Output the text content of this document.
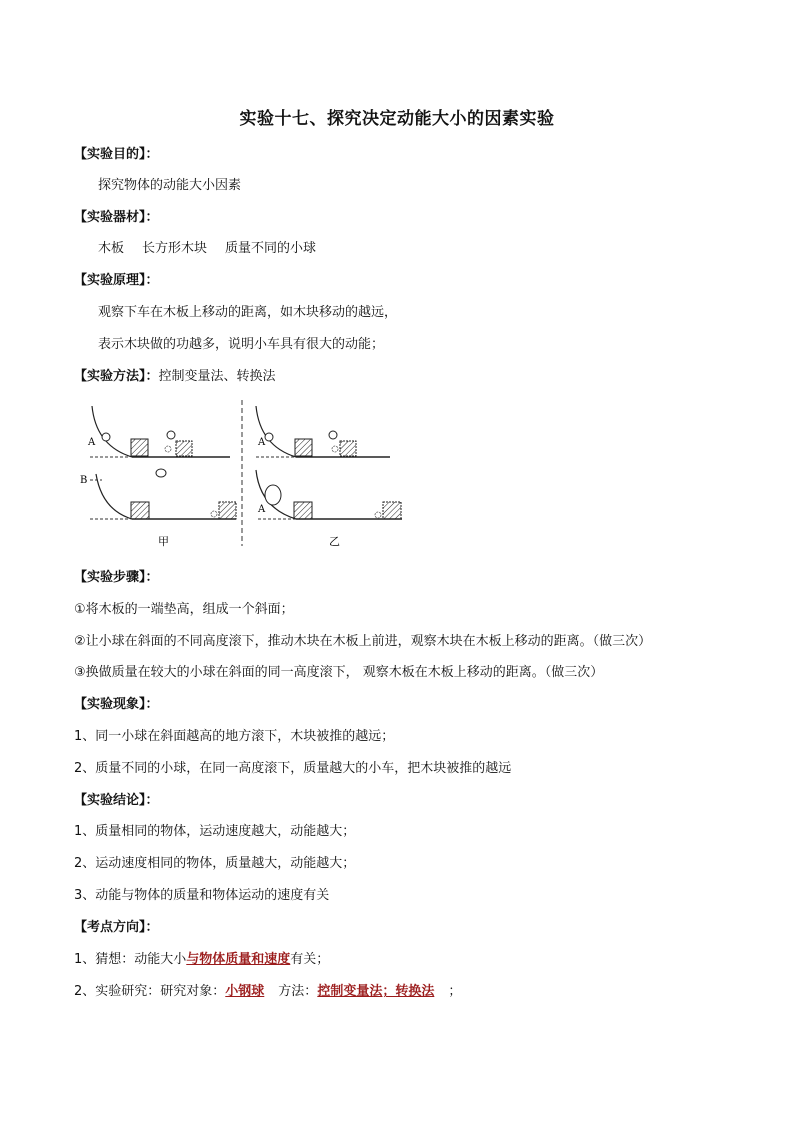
实验十七、探究决定动能大小的因素实验
【实验目的】：
探究物体的动能大小因素
【实验器材】：
木板 长方形木块 质量不同的小球
【实验原理】：
观察下车在木板上移动的距离，如木块移动的越远，
表示木块做的功越多，说明小车具有很大的动能；
【实验方法】：控制变量法、转换法
A
B
A
A
甲	乙
【实验步骤】：
①将木板的一端垫高，组成一个斜面；
②让小球在斜面的不同高度滚下，推动木块在木板上前进，观察木块在木板上移动的距离。（做三次）
③换做质量在较大的小球在斜面的同一高度滚下， 观察木板在木板上移动的距离。（做三次）
【实验现象】：
1、同一小球在斜面越高的地方滚下，木块被推的越远；
2、质量不同的小球，在同一高度滚下，质量越大的小车，把木块被推的越远
【实验结论】：
1、质量相同的物体，运动速度越大，动能越大；
2、运动速度相同的物体，质量越大，动能越大；
3、动能与物体的质量和物体运动的速度有关
【考点方向】：
1、猜想：动能大小与物体质量和速度有关；
2、实验研究：研究对象：小钢球 方法：控制变量法；转换法 ；
